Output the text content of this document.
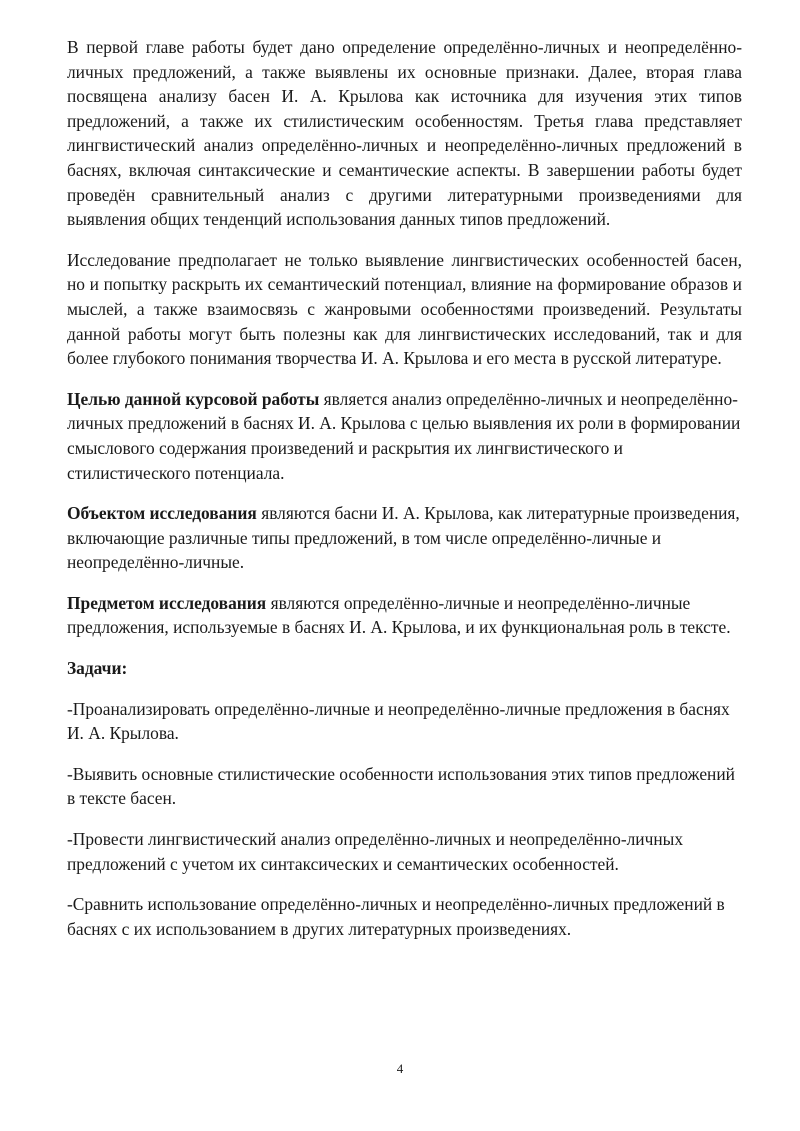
В первой главе работы будет дано определение определённо-личных и неопределённо-личных предложений, а также выявлены их основные признаки. Далее, вторая глава посвящена анализу басен И. А. Крылова как источника для изучения этих типов предложений, а также их стилистическим особенностям. Третья глава представляет лингвистический анализ определённо-личных и неопределённо-личных предложений в баснях, включая синтаксические и семантические аспекты. В завершении работы будет проведён сравнительный анализ с другими литературными произведениями для выявления общих тенденций использования данных типов предложений.

Исследование предполагает не только выявление лингвистических особенностей басен, но и попытку раскрыть их семантический потенциал, влияние на формирование образов и мыслей, а также взаимосвязь с жанровыми особенностями произведений. Результаты данной работы могут быть полезны как для лингвистических исследований, так и для более глубокого понимания творчества И. А. Крылова и его места в русской литературе.

Целью данной курсовой работы является анализ определённо-личных и неопределённо-личных предложений в баснях И. А. Крылова с целью выявления их роли в формировании смыслового содержания произведений и раскрытия их лингвистического и стилистического потенциала.

Объектом исследования являются басни И. А. Крылова, как литературные произведения, включающие различные типы предложений, в том числе определённо-личные и неопределённо-личные.

Предметом исследования являются определённо-личные и неопределённо-личные предложения, используемые в баснях И. А. Крылова, и их функциональная роль в тексте.

Задачи:

-Проанализировать определённо-личные и неопределённо-личные предложения в баснях И. А. Крылова.

-Выявить основные стилистические особенности использования этих типов предложений в тексте басен.

-Провести лингвистический анализ определённо-личных и неопределённо-личных предложений с учетом их синтаксических и семантических особенностей.

-Сравнить использование определённо-личных и неопределённо-личных предложений в баснях с их использованием в других литературных произведениях.

4
